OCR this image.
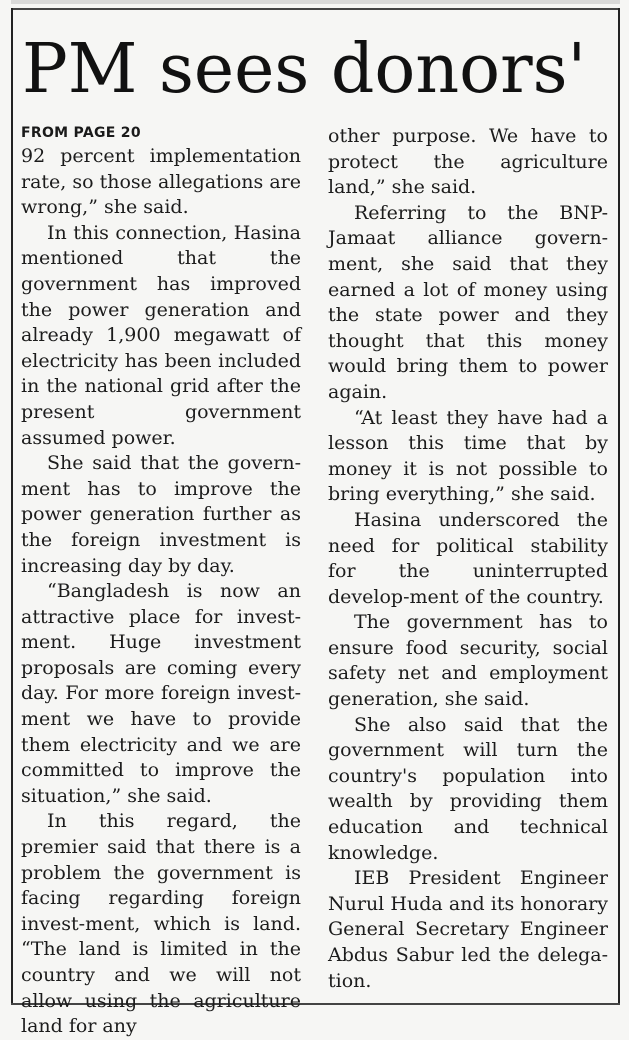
PM sees donors'
FROM PAGE 20

92 percent implementation rate, so those allegations are wrong,” she said.

In this connection, Hasina mentioned that the government has improved the power generation and already 1,900 megawatt of electricity has been included in the national grid after the present government assumed power.

She said that the govern-ment has to improve the power generation further as the foreign investment is increasing day by day.

“Bangladesh is now an attractive place for invest-ment. Huge investment proposals are coming every day. For more foreign invest-ment we have to provide them electricity and we are committed to improve the situation,” she said.

In this regard, the premier said that there is a problem the government is facing regarding foreign invest-ment, which is land. “The land is limited in the country and we will not allow using the agriculture land for any

other purpose. We have to protect the agriculture land,” she said.

Referring to the BNP-Jamaat alliance govern-ment, she said that they earned a lot of money using the state power and they thought that this money would bring them to power again.

“At least they have had a lesson this time that by money it is not possible to bring everything,” she said.

Hasina underscored the need for political stability for the uninterrupted develop-ment of the country.

The government has to ensure food security, social safety net and employment generation, she said.

She also said that the government will turn the country's population into wealth by providing them education and technical knowledge.

IEB President Engineer Nurul Huda and its honorary General Secretary Engineer Abdus Sabur led the delega-tion.
